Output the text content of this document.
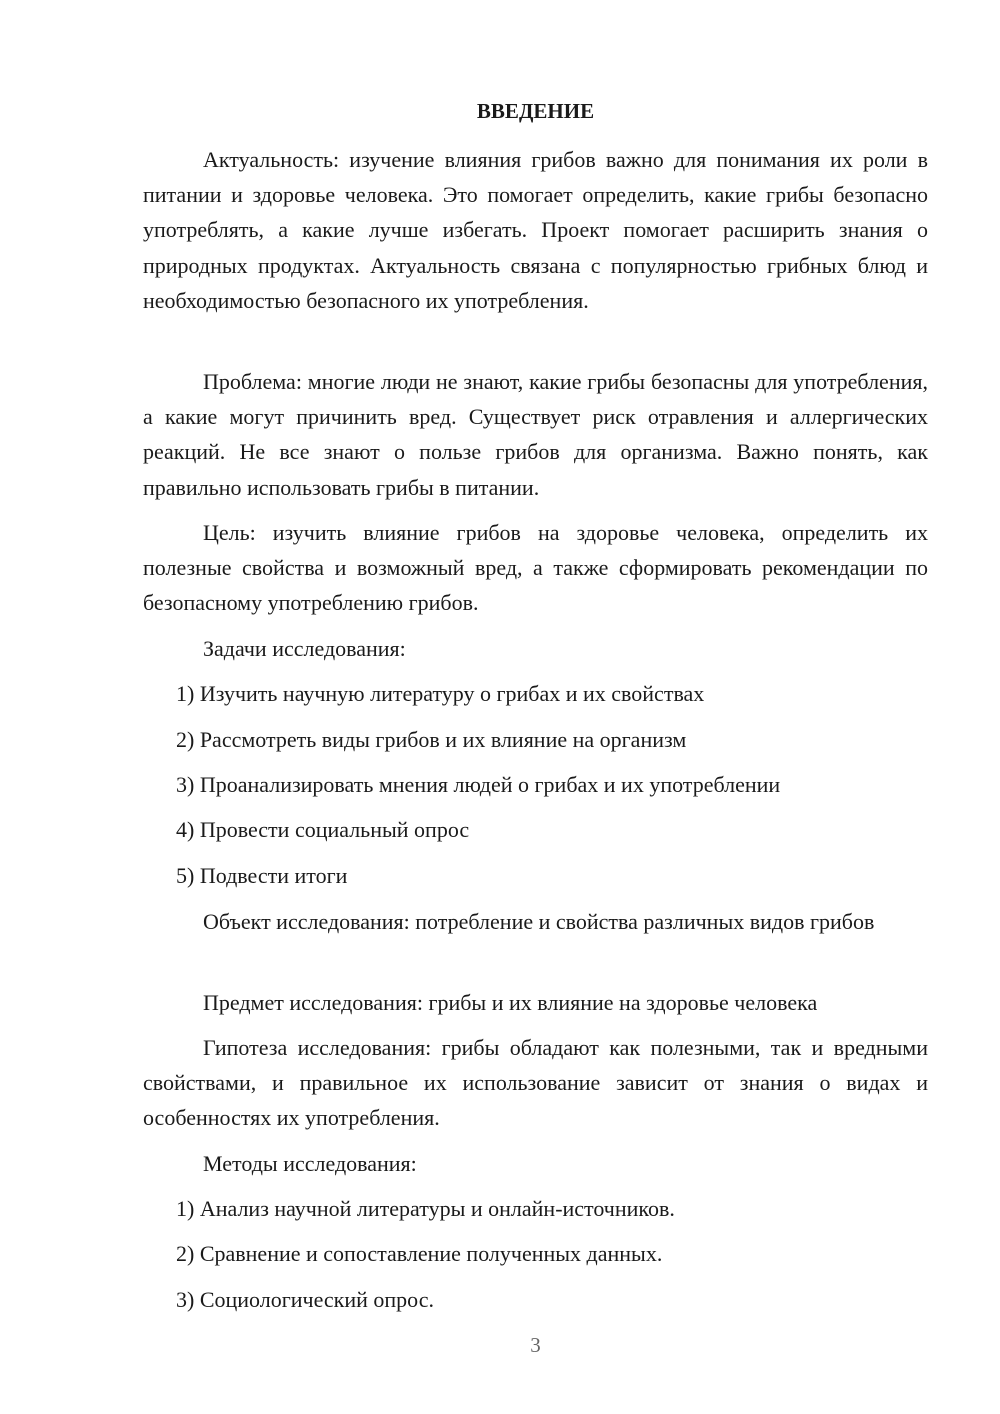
ВВЕДЕНИЕ

Актуальность: изучение влияния грибов важно для понимания их роли в питании и здоровье человека. Это помогает определить, какие грибы безопасно употреблять, а какие лучше избегать. Проект помогает расширить знания о природных продуктах. Актуальность связана с популярностью грибных блюд и необходимостью безопасного их употребления.

Проблема: многие люди не знают, какие грибы безопасны для употребления, а какие могут причинить вред. Существует риск отравления и аллергических реакций. Не все знают о пользе грибов для организма. Важно понять, как правильно использовать грибы в питании.

Цель: изучить влияние грибов на здоровье человека, определить их полезные свойства и возможный вред, а также сформировать рекомендации по безопасному употреблению грибов.

Задачи исследования:

1) Изучить научную литературу о грибах и их свойствах

2) Рассмотреть виды грибов и их влияние на организм

3) Проанализировать мнения людей о грибах и их употреблении

4) Провести социальный опрос

5) Подвести итоги

Объект исследования: потребление и свойства различных видов грибов

Предмет исследования: грибы и их влияние на здоровье человека

Гипотеза исследования: грибы обладают как полезными, так и вредными свойствами, и правильное их использование зависит от знания о видах и особенностях их употребления.

Методы исследования:

1) Анализ научной литературы и онлайн-источников.

2) Сравнение и сопоставление полученных данных.

3) Социологический опрос.

3
